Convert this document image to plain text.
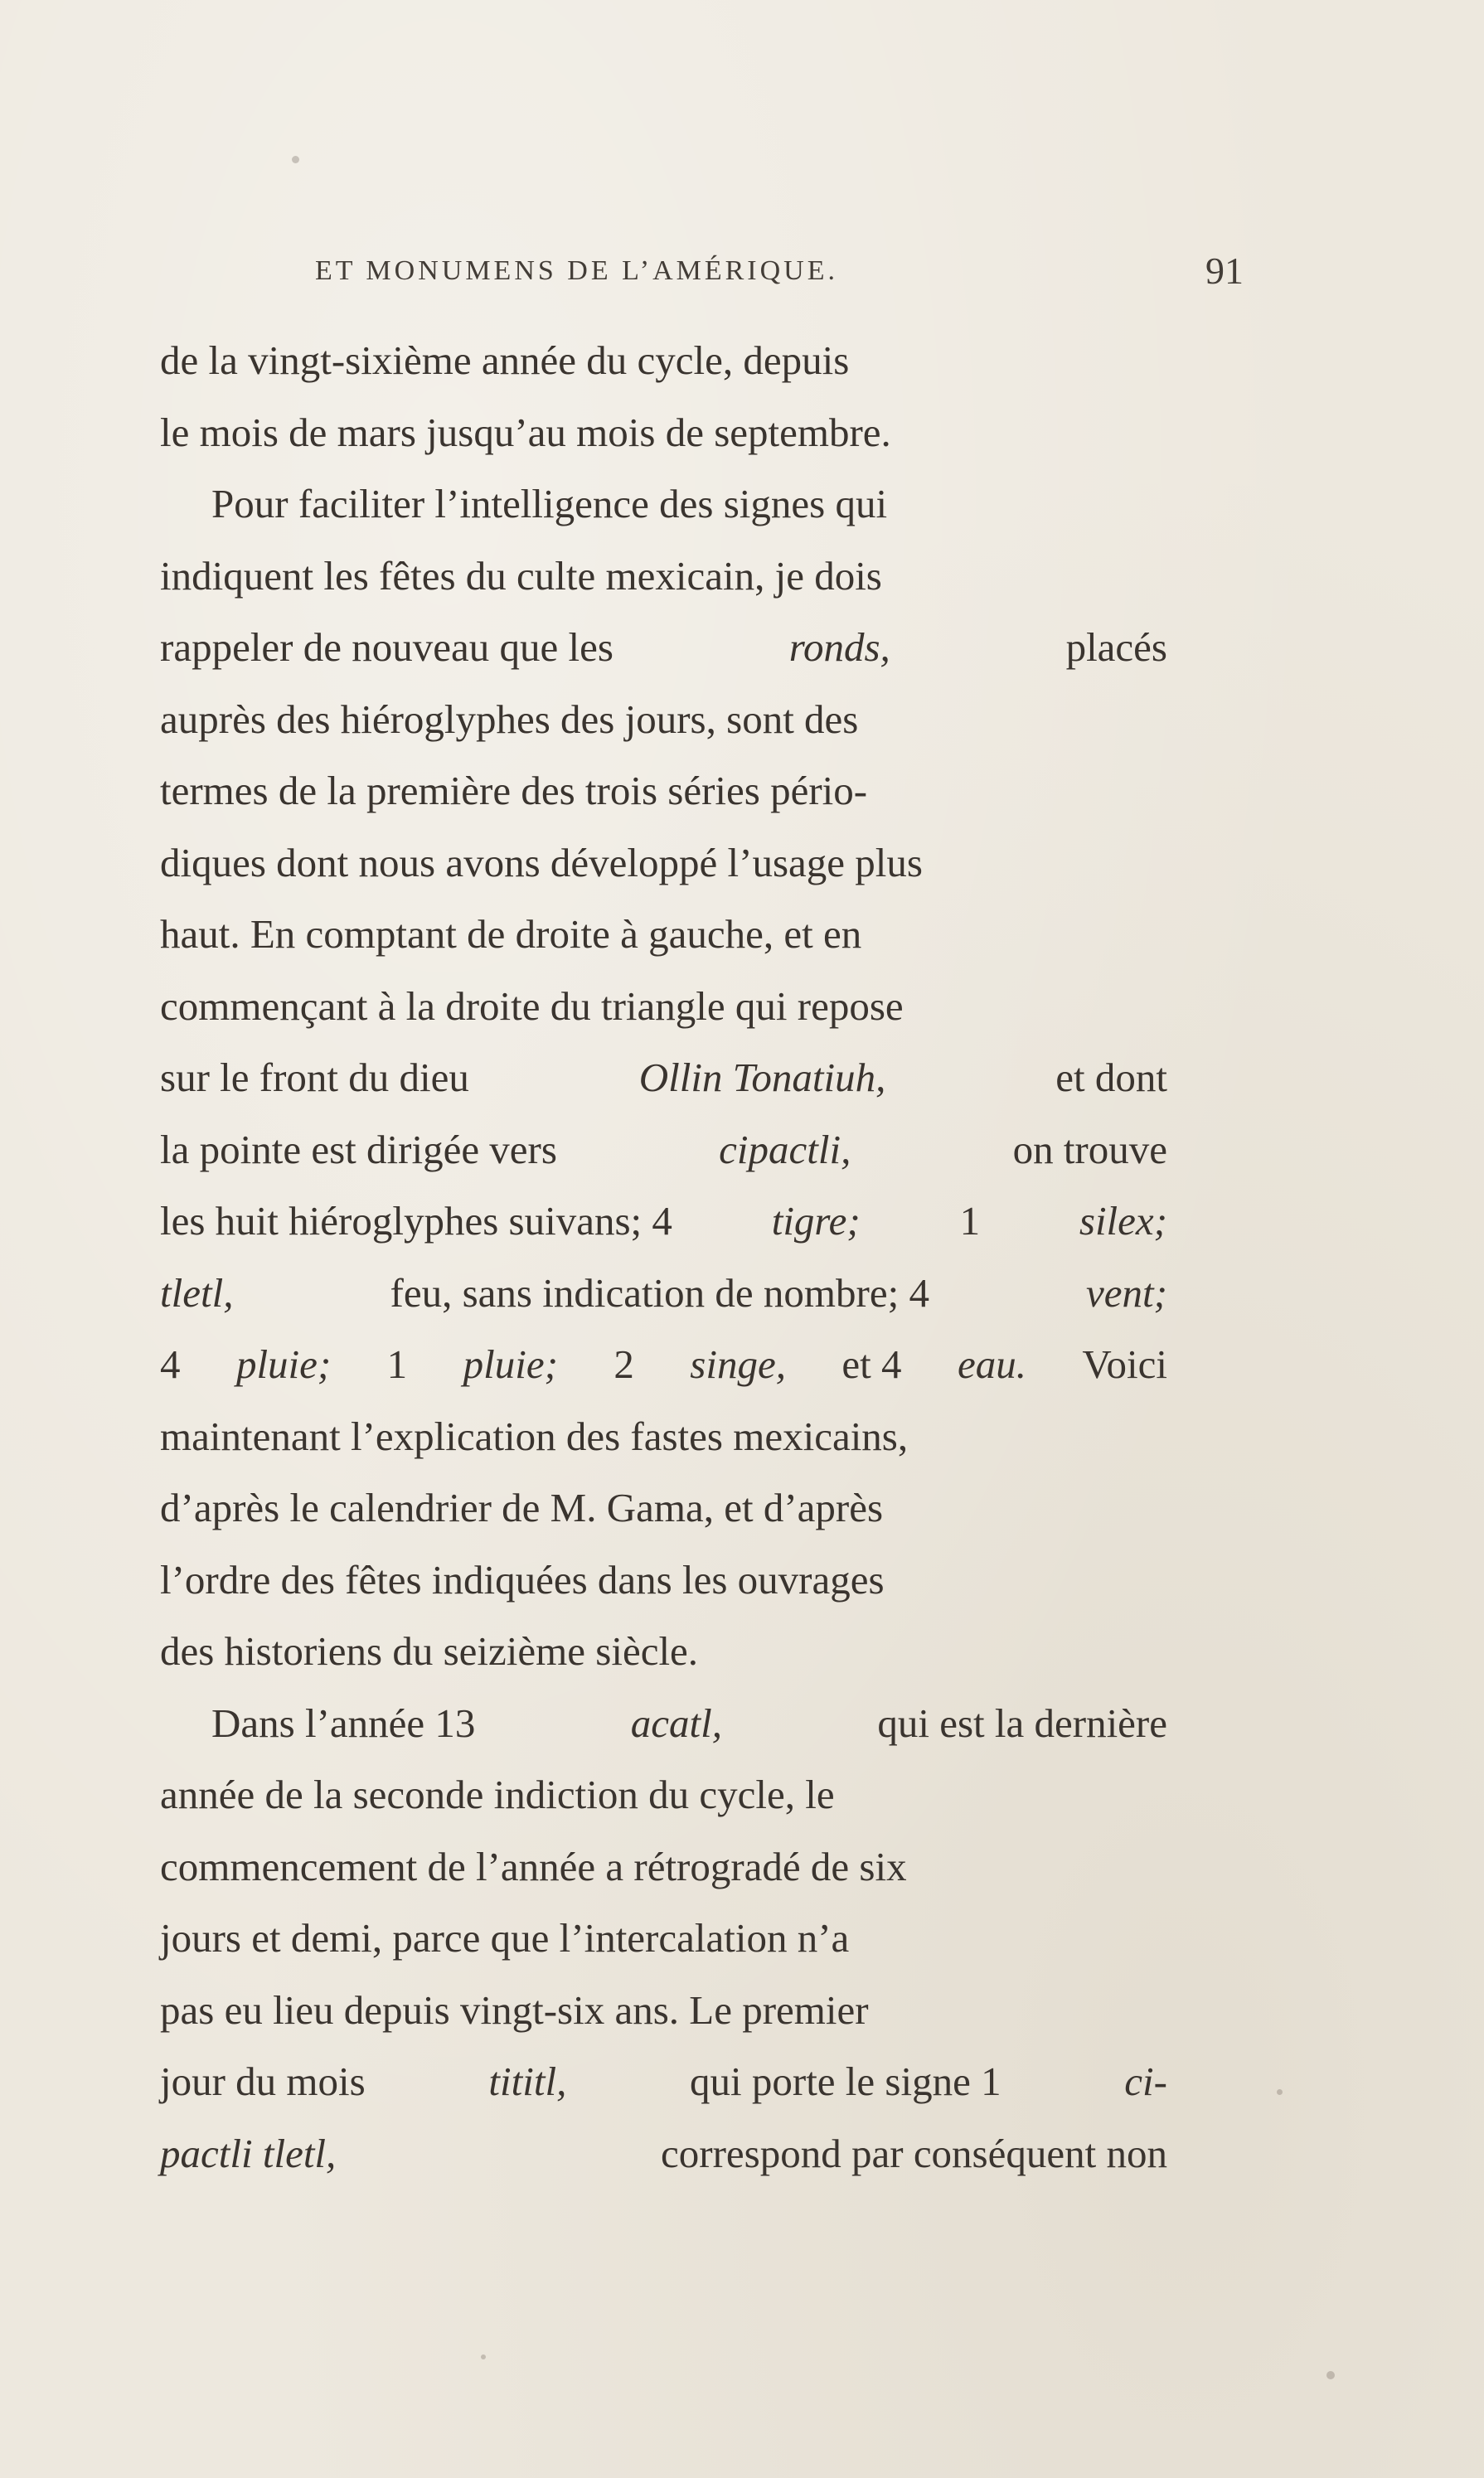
ET MONUMENS DE L’AMÉRIQUE.	91
de la vingt-sixième année du cycle, depuis
le mois de mars jusqu’au mois de septembre.
Pour faciliter l’intelligence des signes qui
indiquent les fêtes du culte mexicain, je dois
rappeler de nouveau que les	ronds,	placés
auprès des hiéroglyphes des jours, sont des
termes de la première des trois séries pério-
diques dont nous avons développé l’usage plus
haut. En comptant de droite à gauche, et en
commençant à la droite du triangle qui repose
sur le front du dieu	Ollin Tonatiuh,	et dont
la pointe est dirigée vers	cipactli,	on trouve
les huit hiéroglyphes suivans; 4 tigre; 1 silex;
tletl,	feu, sans indication de nombre; 4	vent;
4 pluie; 1 pluie; 2 singe, et 4 eau. Voici
maintenant l’explication des fastes mexicains,
d’après le calendrier de M. Gama, et d’après
l’ordre des fêtes indiquées dans les ouvrages
des historiens du seizième siècle.
Dans l’année 13	acatl,	qui est la dernière
année de la seconde indiction du cycle, le
commencement de l’année a rétrogradé de six
jours et demi, parce que l’intercalation n’a
pas eu lieu depuis vingt-six ans. Le premier
jour du mois	tititl,	qui porte le signe 1	ci-
pactli tletl,	correspond par conséquent non
